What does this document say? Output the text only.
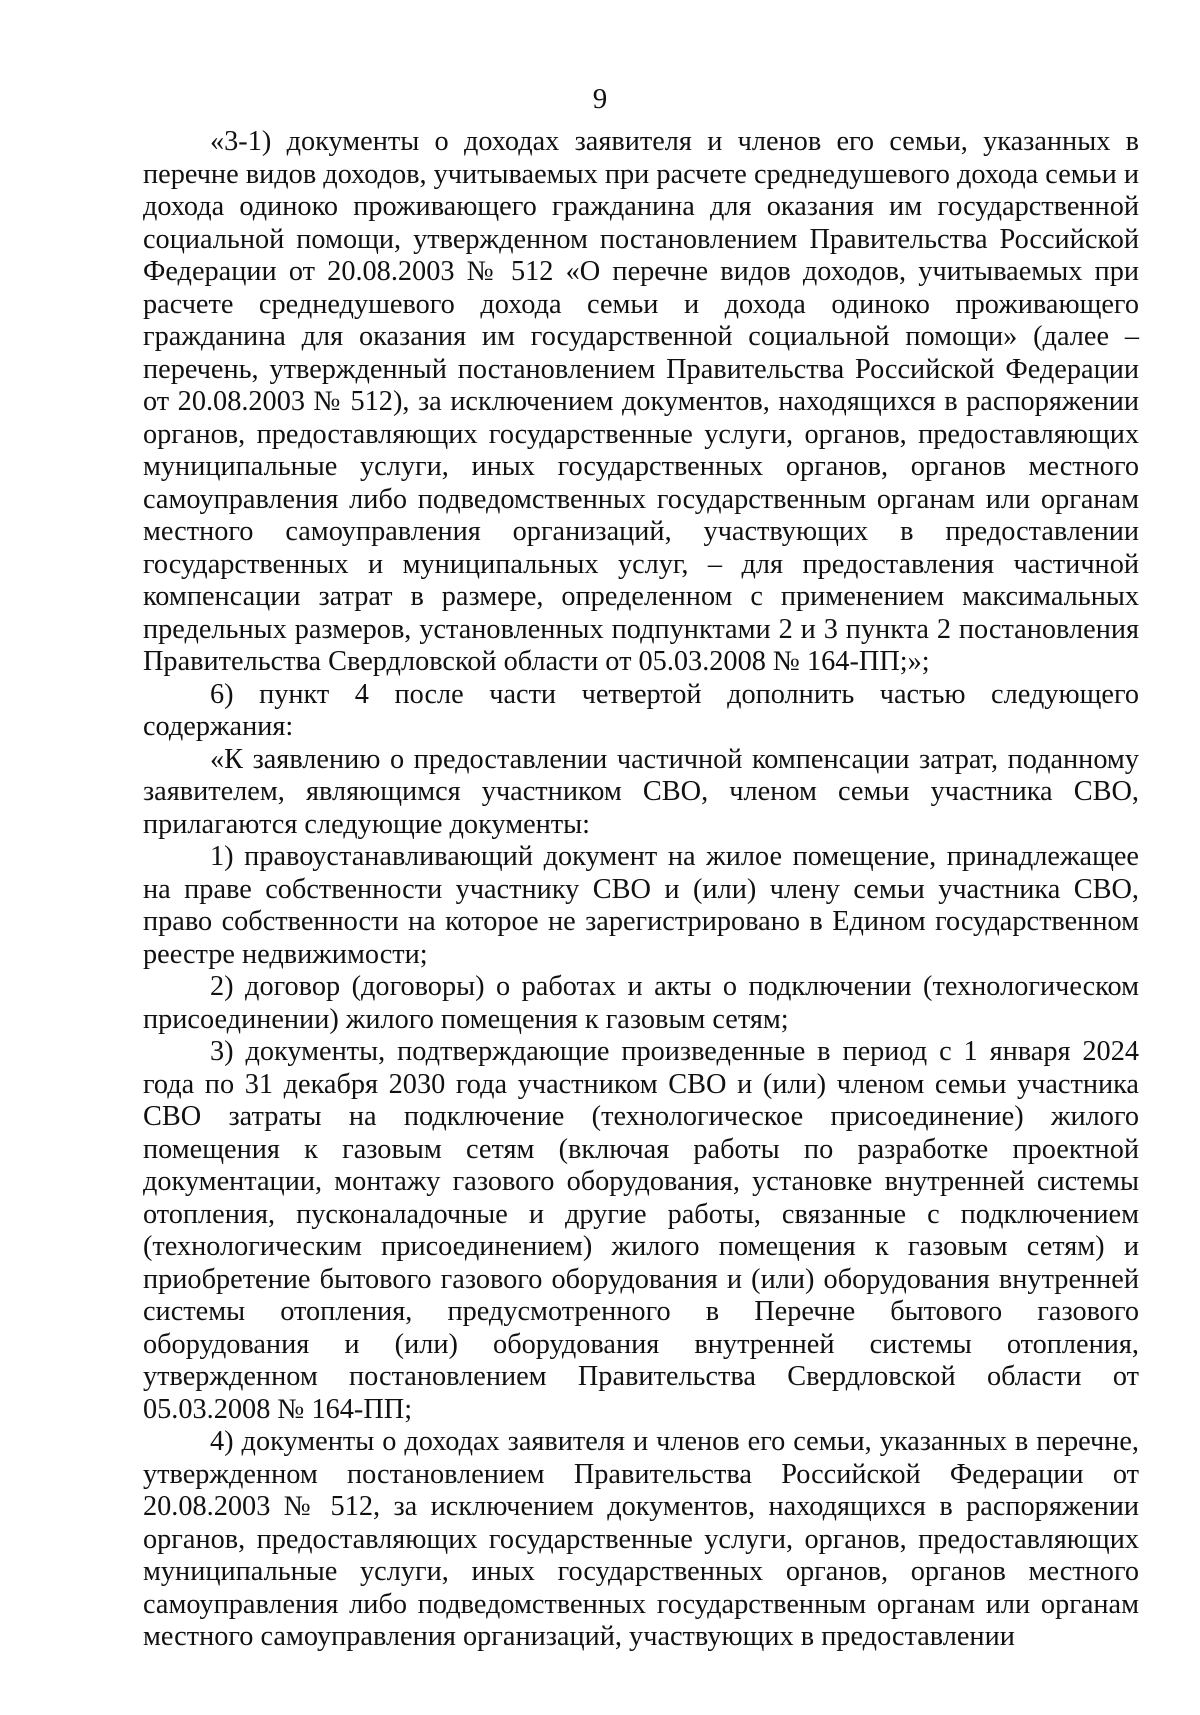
9

«3-1) документы о доходах заявителя и членов его семьи, указанных в перечне видов доходов, учитываемых при расчете среднедушевого дохода семьи и дохода одиноко проживающего гражданина для оказания им государственной социальной помощи, утвержденном постановлением Правительства Российской Федерации от 20.08.2003 № 512 «О перечне видов доходов, учитываемых при расчете среднедушевого дохода семьи и дохода одиноко проживающего гражданина для оказания им государственной социальной помощи» (далее – перечень, утвержденный постановлением Правительства Российской Федерации от 20.08.2003 № 512), за исключением документов, находящихся в распоряжении органов, предоставляющих государственные услуги, органов, предоставляющих муниципальные услуги, иных государственных органов, органов местного самоуправления либо подведомственных государственным органам или органам местного самоуправления организаций, участвующих в предоставлении государственных и муниципальных услуг, – для предоставления частичной компенсации затрат в размере, определенном с применением максимальных предельных размеров, установленных подпунктами 2 и 3 пункта 2 постановления Правительства Свердловской области от 05.03.2008 № 164-ПП;»;

6) пункт 4 после части четвертой дополнить частью следующего содержания:

«К заявлению о предоставлении частичной компенсации затрат, поданному заявителем, являющимся участником СВО, членом семьи участника СВО, прилагаются следующие документы:

1) правоустанавливающий документ на жилое помещение, принадлежащее на праве собственности участнику СВО и (или) члену семьи участника СВО, право собственности на которое не зарегистрировано в Едином государственном реестре недвижимости;

2) договор (договоры) о работах и акты о подключении (технологическом присоединении) жилого помещения к газовым сетям;

3) документы, подтверждающие произведенные в период с 1 января 2024 года по 31 декабря 2030 года участником СВО и (или) членом семьи участника СВО затраты на подключение (технологическое присоединение) жилого помещения к газовым сетям (включая работы по разработке проектной документации, монтажу газового оборудования, установке внутренней системы отопления, пусконаладочные и другие работы, связанные с подключением (технологическим присоединением) жилого помещения к газовым сетям) и приобретение бытового газового оборудования и (или) оборудования внутренней системы отопления, предусмотренного в Перечне бытового газового оборудования и (или) оборудования внутренней системы отопления, утвержденном постановлением Правительства Свердловской области от 05.03.2008 № 164-ПП;

4) документы о доходах заявителя и членов его семьи, указанных в перечне, утвержденном постановлением Правительства Российской Федерации от 20.08.2003 № 512, за исключением документов, находящихся в распоряжении органов, предоставляющих государственные услуги, органов, предоставляющих муниципальные услуги, иных государственных органов, органов местного самоуправления либо подведомственных государственным органам или органам местного самоуправления организаций, участвующих в предоставлении
